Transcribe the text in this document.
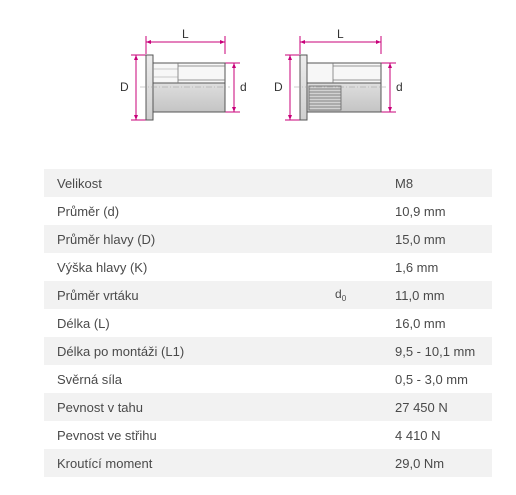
L
D	d
L
D	d
Velikost		M8
Průměr (d)		10,9 mm
Průměr hlavy (D)		15,0 mm
Výška hlavy (K)		1,6 mm
Průměr vrtáku	$d_0$	11,0 mm
Délka (L)		16,0 mm
Délka po montáži (L1)		9,5 - 10,1 mm
Svěrná síla		0,5 - 3,0 mm
Pevnost v tahu		27 450 N
Pevnost ve střihu		4 410 N
Kroutící moment		29,0 Nm
